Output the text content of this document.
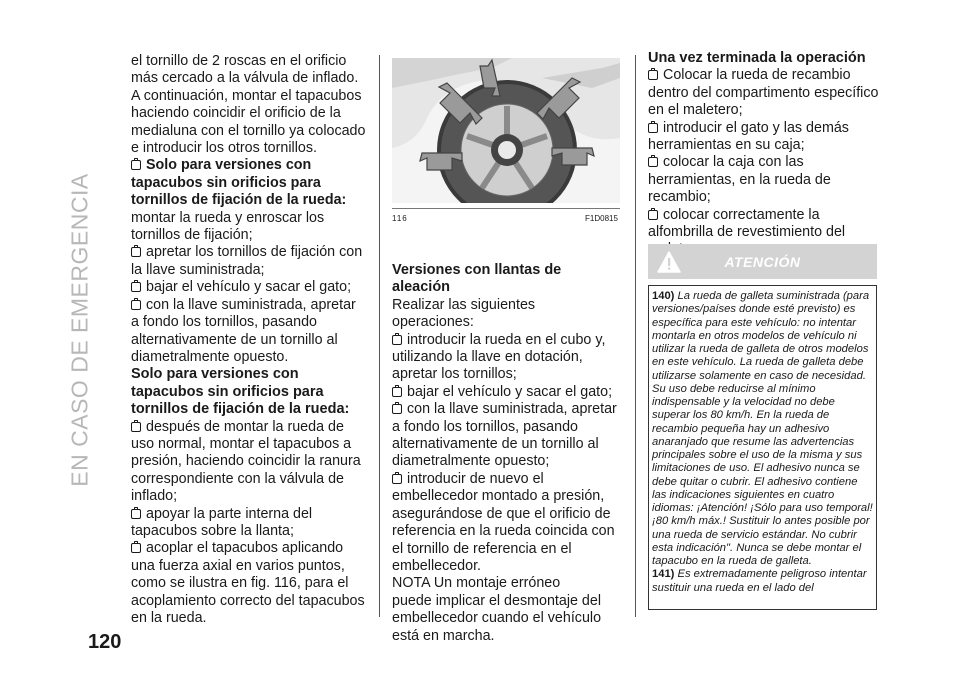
EN CASO DE EMERGENCIA
120

el tornillo de 2 roscas en el orificio más cercado a la válvula de inflado. A continuación, montar el tapacubos haciendo coincidir el orificio de la medialuna con el tornillo ya colocado e introducir los otros tornillos.

Solo para versiones con tapacubos sin orificios para tornillos de fijación de la rueda:

montar la rueda y enroscar los tornillos de fijación;

apretar los tornillos de fijación con la llave suministrada;

bajar el vehículo y sacar el gato;

con la llave suministrada, apretar a fondo los tornillos, pasando alternativamente de un tornillo al diametralmente opuesto.

Solo para versiones con tapacubos sin orificios para tornillos de fijación de la rueda:

después de montar la rueda de uso normal, montar el tapacubos a presión, haciendo coincidir la ranura correspondiente con la válvula de inflado;

apoyar la parte interna del tapacubos sobre la llanta;

acoplar el tapacubos aplicando una fuerza axial en varios puntos, como se ilustra en fig. 116, para el acoplamiento correcto del tapacubos en la rueda.

116	F1D0815

Versiones con llantas de aleación

Realizar las siguientes operaciones:

introducir la rueda en el cubo y, utilizando la llave en dotación, apretar los tornillos;

bajar el vehículo y sacar el gato;

con la llave suministrada, apretar a fondo los tornillos, pasando alternativamente de un tornillo al diametralmente opuesto;

introducir de nuevo el embellecedor montado a presión, asegurándose de que el orificio de referencia en la rueda coincida con el tornillo de referencia en el embellecedor.

NOTA Un montaje erróneo

puede implicar el desmontaje del embellecedor cuando el vehículo está en marcha.

Una vez terminada la operación

Colocar la rueda de recambio dentro del compartimento específico en el maletero;

introducir el gato y las demás herramientas en su caja;

colocar la caja con las herramientas, en la rueda de recambio;

colocar correctamente la alfombrilla de revestimiento del

ATENCIÓN
140) La rueda de galleta suministrada (para versiones/países donde esté previsto) es específica para este vehículo: no intentar montarla en otros modelos de vehículo ni utilizar la rueda de galleta de otros modelos en este vehículo. La rueda de galleta debe utilizarse solamente en caso de necesidad. Su uso debe reducirse al mínimo indispensable y la velocidad no debe superar los 80 km/h. En la rueda de recambio pequeña hay un adhesivo anaranjado que resume las advertencias principales sobre el uso de la misma y sus limitaciones de uso. El adhesivo nunca se debe quitar o cubrir. El adhesivo contiene las indicaciones siguientes en cuatro idiomas: ¡Atención! ¡Sólo para uso temporal! ¡80 km/h máx.! Sustituir lo antes posible por una rueda de servicio estándar. No cubrir esta indicación". Nunca se debe montar el tapacubo en la rueda de galleta.
141) Es extremadamente peligroso intentar sustituir una rueda en el lado del
